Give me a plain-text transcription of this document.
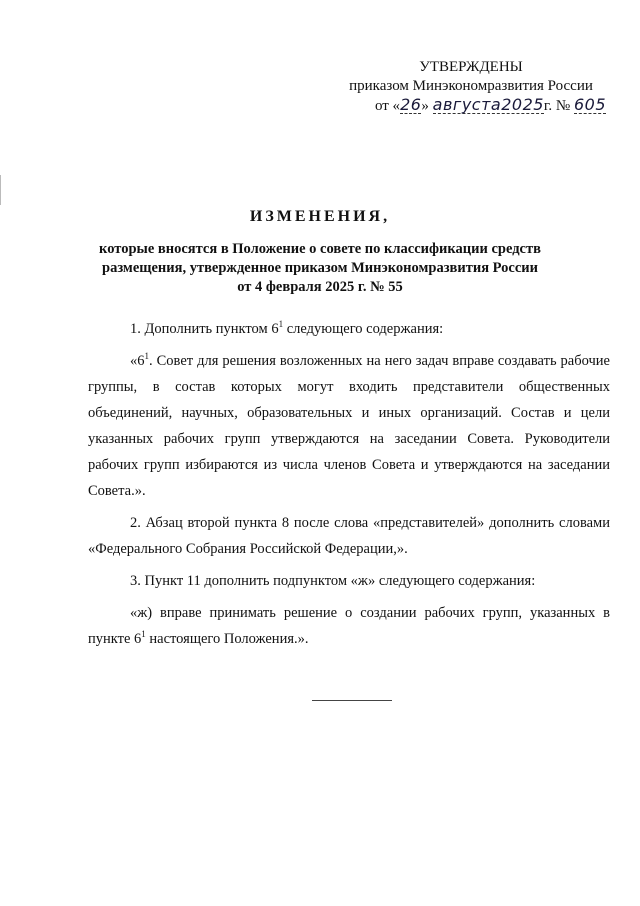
УТВЕРЖДЕНЫ
приказом Минэкономразвития России
от «26» августа2025г. № 605
ИЗМЕНЕНИЯ,
которые вносятся в Положение о совете по классификации средств
размещения, утвержденное приказом Минэкономразвития России
от 4 февраля 2025 г. № 55

1. Дополнить пунктом $6^1$ следующего содержания:

«$6^1$. Совет для решения возложенных на него задач вправе создавать рабочие группы, в состав которых могут входить представители общественных объединений, научных, образовательных и иных организаций. Состав и цели указанных рабочих групп утверждаются на заседании Совета. Руководители рабочих групп избираются из числа членов Совета и утверждаются на заседании Совета.».

2. Абзац второй пункта 8 после слова «представителей» дополнить словами «Федерального Собрания Российской Федерации,».

3. Пункт 11 дополнить подпунктом «ж» следующего содержания:

«ж) вправе принимать решение о создании рабочих групп, указанных в пункте $6^1$ настоящего Положения.».
